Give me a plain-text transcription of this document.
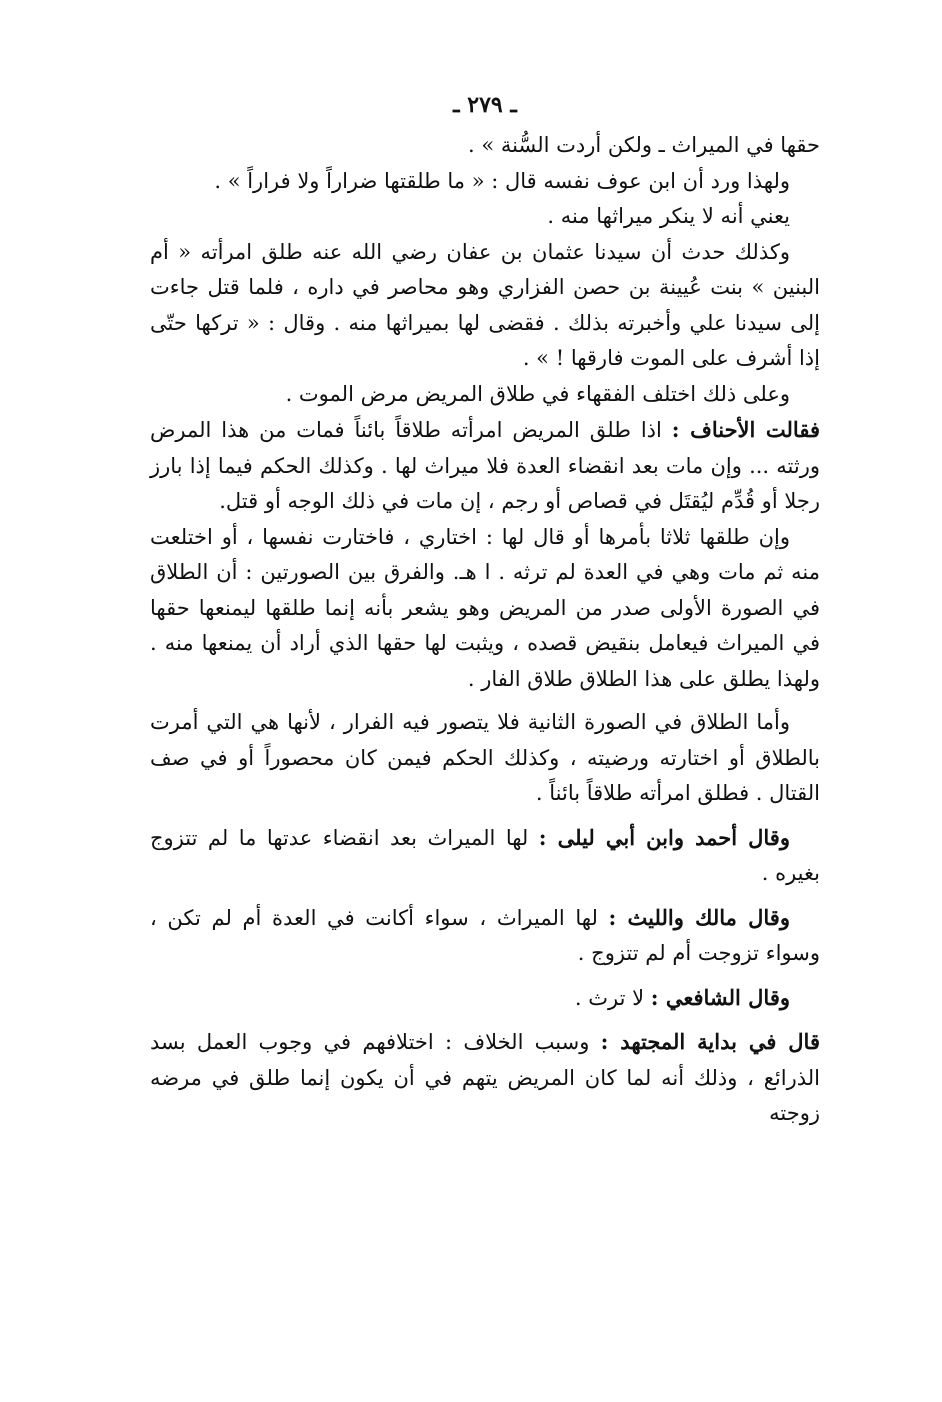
ـ ٢٧٩ ـ

حقها في الميراث ـ ولكن أردت السُّنة » .

ولهذا ورد أن ابن عوف نفسه قال : « ما طلقتها ضراراً ولا فراراً » .

يعني أنه لا ينكر ميراثها منه .

وكذلك حدث أن سيدنا عثمان بن عفان رضي الله عنه طلق امرأته « أم البنين » بنت عُيينة بن حصن الفزاري وهو محاصر في داره ، فلما قتل جاءت إلى سيدنا علي وأخبرته بذلك . فقضى لها بميراثها منه . وقال : « تركها حتّى إذا أشرف على الموت فارقها ! » .

وعلى ذلك اختلف الفقهاء في طلاق المريض مرض الموت .

فقالت الأحناف : اذا طلق المريض امرأته طلاقاً بائناً فمات من هذا المرض ورثته ... وإن مات بعد انقضاء العدة فلا ميراث لها . وكذلك الحكم فيما إذا بارز رجلا أو قُدِّم ليُقتَل في قصاص أو رجم ، إن مات في ذلك الوجه أو قتل.

وإن طلقها ثلاثا بأمرها أو قال لها : اختاري ، فاختارت نفسها ، أو اختلعت منه ثم مات وهي في العدة لم ترثه . ا هـ. والفرق بين الصورتين : أن الطلاق في الصورة الأولى صدر من المريض وهو يشعر بأنه إنما طلقها ليمنعها حقها في الميراث فيعامل بنقيض قصده ، ويثبت لها حقها الذي أراد أن يمنعها منه . ولهذا يطلق على هذا الطلاق طلاق الفار .

وأما الطلاق في الصورة الثانية فلا يتصور فيه الفرار ، لأنها هي التي أمرت بالطلاق أو اختارته ورضيته ، وكذلك الحكم فيمن كان محصوراً أو في صف القتال . فطلق امرأته طلاقاً بائناً .

وقال أحمد وابن أبي ليلى : لها الميراث بعد انقضاء عدتها ما لم تتزوج بغيره .

وقال مالك والليث : لها الميراث ، سواء أكانت في العدة أم لم تكن ، وسواء تزوجت أم لم تتزوج .

وقال الشافعي : لا ترث .

قال في بداية المجتهد : وسبب الخلاف : اختلافهم في وجوب العمل بسد الذرائع ، وذلك أنه لما كان المريض يتهم في أن يكون إنما طلق في مرضه زوجته
